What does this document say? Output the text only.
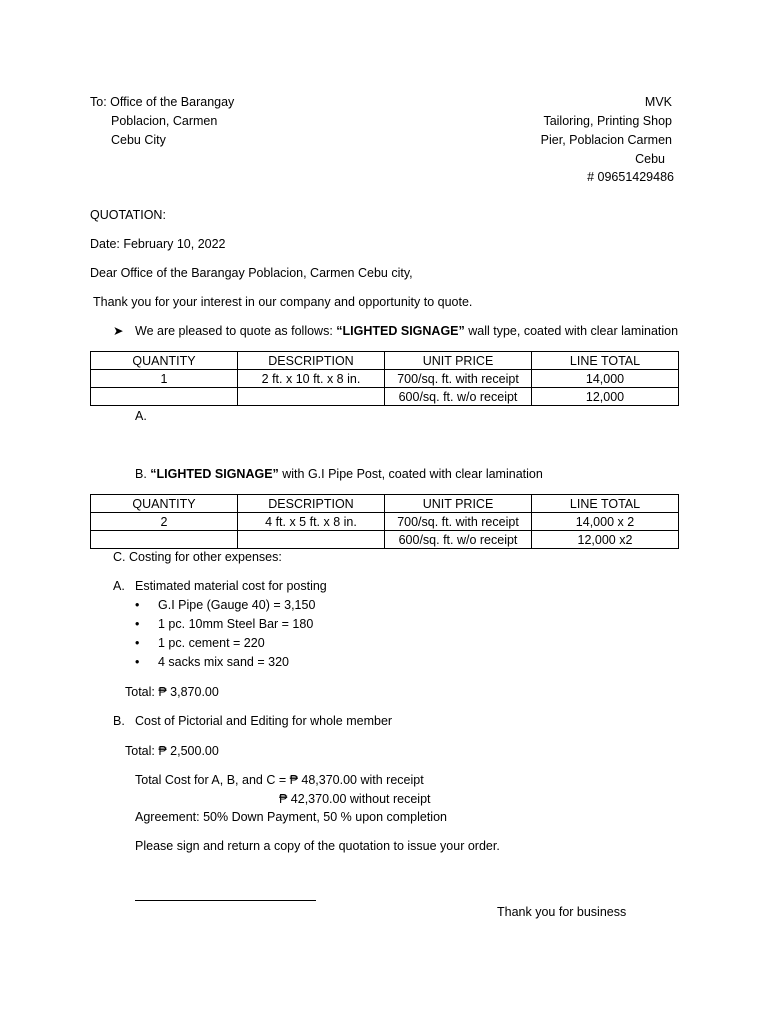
To: Office of the Barangay
Poblacion, Carmen
Cebu City
MVK
Tailoring, Printing Shop
Pier, Poblacion Carmen
Cebu
# 09651429486
QUOTATION:
Date: February 10, 2022
Dear Office of the Barangay Poblacion, Carmen Cebu city,
Thank you for your interest in our company and opportunity to quote.
➤ We are pleased to quote as follows: “LIGHTED SIGNAGE” wall type, coated with clear lamination
QUANTITY	DESCRIPTION	UNIT PRICE	LINE TOTAL
1	2 ft. x 10 ft. x 8 in.	700/sq. ft. with receipt	14,000
		600/sq. ft. w/o receipt	12,000
A.
B. “LIGHTED SIGNAGE” with G.I Pipe Post, coated with clear lamination
QUANTITY	DESCRIPTION	UNIT PRICE	LINE TOTAL
2	4 ft. x 5 ft. x 8 in.	700/sq. ft. with receipt	14,000 x 2
		600/sq. ft. w/o receipt	12,000 x2
C. Costing for other expenses:
A. Estimated material cost for posting
• G.I Pipe (Gauge 40) = 3,150
• 1 pc. 10mm Steel Bar = 180
• 1 pc. cement = 220
• 4 sacks mix sand = 320
Total: ₱ 3,870.00
B. Cost of Pictorial and Editing for whole member
Total: ₱ 2,500.00
Total Cost for A, B, and C = ₱ 48,370.00 with receipt
₱ 42,370.00 without receipt
Agreement: 50% Down Payment, 50 % upon completion
Please sign and return a copy of the quotation to issue your order.
Thank you for business
